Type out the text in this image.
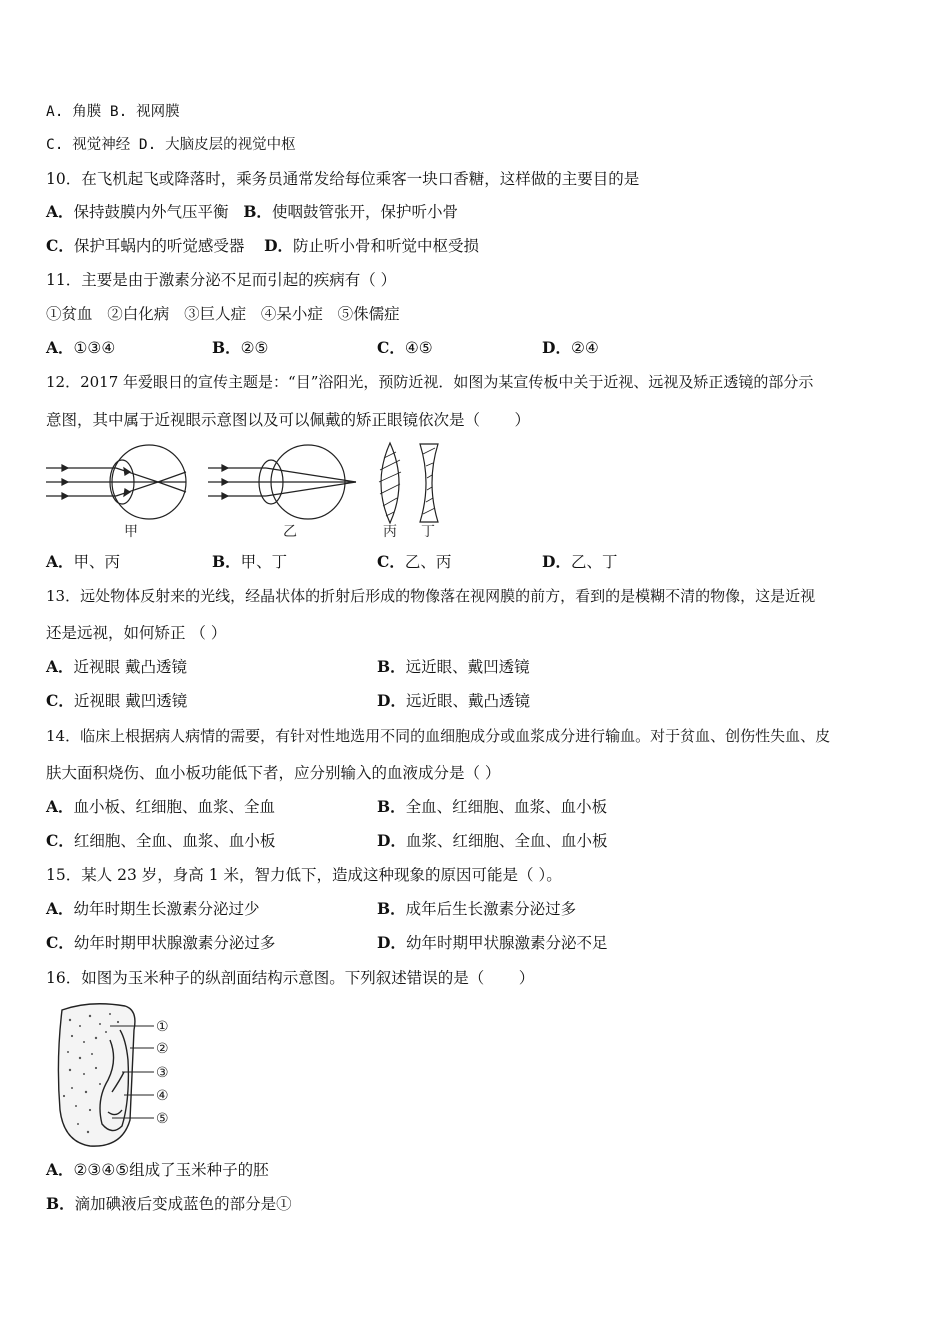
A. 角膜 B. 视网膜
C. 视觉神经 D. 大脑皮层的视觉中枢
10．在飞机起飞或降落时，乘务员通常发给每位乘客一块口香糖，这样做的主要目的是
A．保持鼓膜内外气压平衡 B．使咽鼓管张开，保护听小骨
C．保护耳蜗内的听觉感受器 D．防止听小骨和听觉中枢受损
11．主要是由于激素分泌不足而引起的疾病有（ ）
①贫血   ②白化病   ③巨人症   ④呆小症   ⑤侏儒症
A．①③④	B．②⑤	C．④⑤	D．②④
12．2017 年爱眼日的宣传主题是：“目”浴阳光，预防近视．如图为某宣传板中关于近视、远视及矫正透镜的部分示
意图，其中属于近视眼示意图以及可以佩戴的矫正眼镜依次是（       ）
甲	乙	丙 丁
A．甲、丙	B．甲、丁	C．乙、丙	D．乙、丁
13．远处物体反射来的光线，经晶状体的折射后形成的物像落在视网膜的前方，看到的是模糊不清的物像，这是近视
还是远视，如何矫正 （ ）
A．近视眼 戴凸透镜	B．远近眼、戴凹透镜
C．近视眼 戴凹透镜	D．远近眼、戴凸透镜
14．临床上根据病人病情的需要，有针对性地选用不同的血细胞成分或血浆成分进行输血。对于贫血、创伤性失血、皮
肤大面积烧伤、血小板功能低下者，应分别输入的血液成分是（ ）
A．血小板、红细胞、血浆、全血	B．全血、红细胞、血浆、血小板
C．红细胞、全血、血浆、血小板	D．血浆、红细胞、全血、血小板
15．某人 23 岁，身高 1 米，智力低下，造成这种现象的原因可能是（ ）。
A．幼年时期生长激素分泌过少	B．成年后生长激素分泌过多
C．幼年时期甲状腺激素分泌过多	D．幼年时期甲状腺激素分泌不足
16．如图为玉米种子的纵剖面结构示意图。下列叙述错误的是（       ）
①
②
③
④
⑤
A．②③④⑤组成了玉米种子的胚
B．滴加碘液后变成蓝色的部分是①
